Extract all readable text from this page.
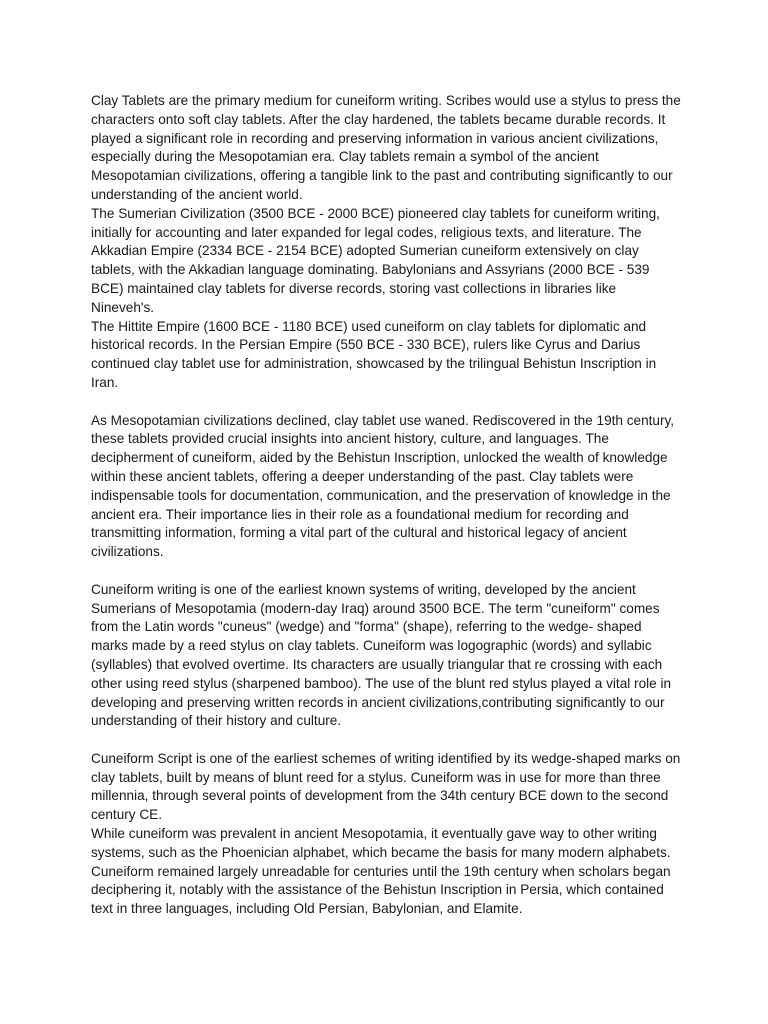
Clay Tablets are the primary medium for cuneiform writing. Scribes would use a stylus to press the characters onto soft clay tablets. After the clay hardened, the tablets became durable records. It played a significant role in recording and preserving information in various ancient civilizations, especially during the Mesopotamian era. Clay tablets remain a symbol of the ancient Mesopotamian civilizations, offering a tangible link to the past and contributing significantly to our understanding of the ancient world.

The Sumerian Civilization (3500 BCE - 2000 BCE) pioneered clay tablets for cuneiform writing, initially for accounting and later expanded for legal codes, religious texts, and literature. The Akkadian Empire (2334 BCE - 2154 BCE) adopted Sumerian cuneiform extensively on clay tablets, with the Akkadian language dominating. Babylonians and Assyrians (2000 BCE - 539 BCE) maintained clay tablets for diverse records, storing vast collections in libraries like Nineveh's.

The Hittite Empire (1600 BCE - 1180 BCE) used cuneiform on clay tablets for diplomatic and historical records. In the Persian Empire (550 BCE - 330 BCE), rulers like Cyrus and Darius continued clay tablet use for administration, showcased by the trilingual Behistun Inscription in Iran.

As Mesopotamian civilizations declined, clay tablet use waned. Rediscovered in the 19th century, these tablets provided crucial insights into ancient history, culture, and languages. The decipherment of cuneiform, aided by the Behistun Inscription, unlocked the wealth of knowledge within these ancient tablets, offering a deeper understanding of the past. Clay tablets were indispensable tools for documentation, communication, and the preservation of knowledge in the ancient era. Their importance lies in their role as a foundational medium for recording and transmitting information, forming a vital part of the cultural and historical legacy of ancient civilizations.

Cuneiform writing is one of the earliest known systems of writing, developed by the ancient Sumerians of Mesopotamia (modern-day Iraq) around 3500 BCE. The term "cuneiform" comes from the Latin words "cuneus" (wedge) and "forma" (shape), referring to the wedge- shaped marks made by a reed stylus on clay tablets. Cuneiform was logographic (words) and syllabic (syllables) that evolved overtime. Its characters are usually triangular that re crossing with each other using reed stylus (sharpened bamboo). The use of the blunt red stylus played a vital role in developing and preserving written records in ancient civilizations,contributing significantly to our understanding of their history and culture.

Cuneiform Script is one of the earliest schemes of writing identified by its wedge-shaped marks on clay tablets, built by means of blunt reed for a stylus. Cuneiform was in use for more than three millennia, through several points of development from the 34th century BCE down to the second century CE.

While cuneiform was prevalent in ancient Mesopotamia, it eventually gave way to other writing systems, such as the Phoenician alphabet, which became the basis for many modern alphabets. Cuneiform remained largely unreadable for centuries until the 19th century when scholars began deciphering it, notably with the assistance of the Behistun Inscription in Persia, which contained text in three languages, including Old Persian, Babylonian, and Elamite.
